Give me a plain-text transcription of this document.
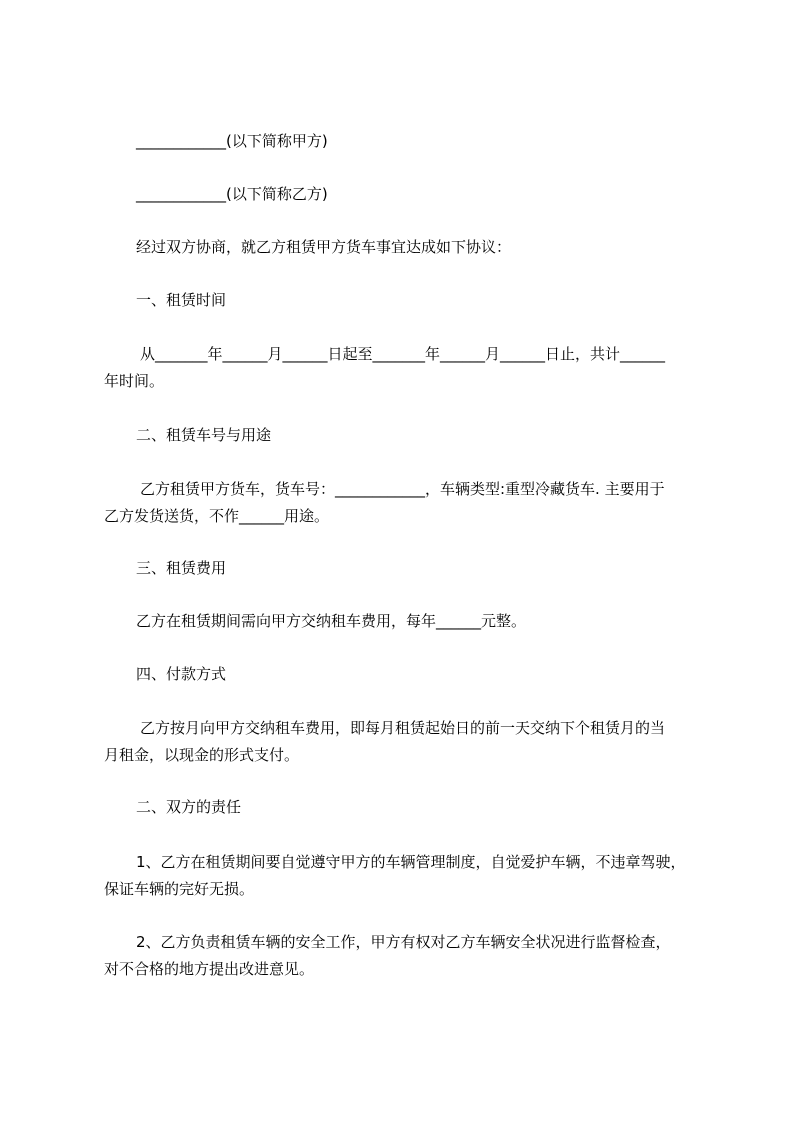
____________(以下简称甲方)
____________(以下简称乙方)
经过双方协商，就乙方租赁甲方货车事宜达成如下协议：
一、租赁时间
从_______年______月______日起至_______年______月______日止，共计______
年时间。
二、租赁车号与用途
乙方租赁甲方货车，货车号：____________，车辆类型:重型冷藏货车. 主要用于
乙方发货送货，不作______用途。
三、租赁费用
乙方在租赁期间需向甲方交纳租车费用，每年______元整。
四、付款方式
乙方按月向甲方交纳租车费用，即每月租赁起始日的前一天交纳下个租赁月的当
月租金，以现金的形式支付。
二、双方的责任
1、乙方在租赁期间要自觉遵守甲方的车辆管理制度，自觉爱护车辆，不违章驾驶，
保证车辆的完好无损。
2、乙方负责租赁车辆的安全工作，甲方有权对乙方车辆安全状况进行监督检查，
对不合格的地方提出改进意见。
